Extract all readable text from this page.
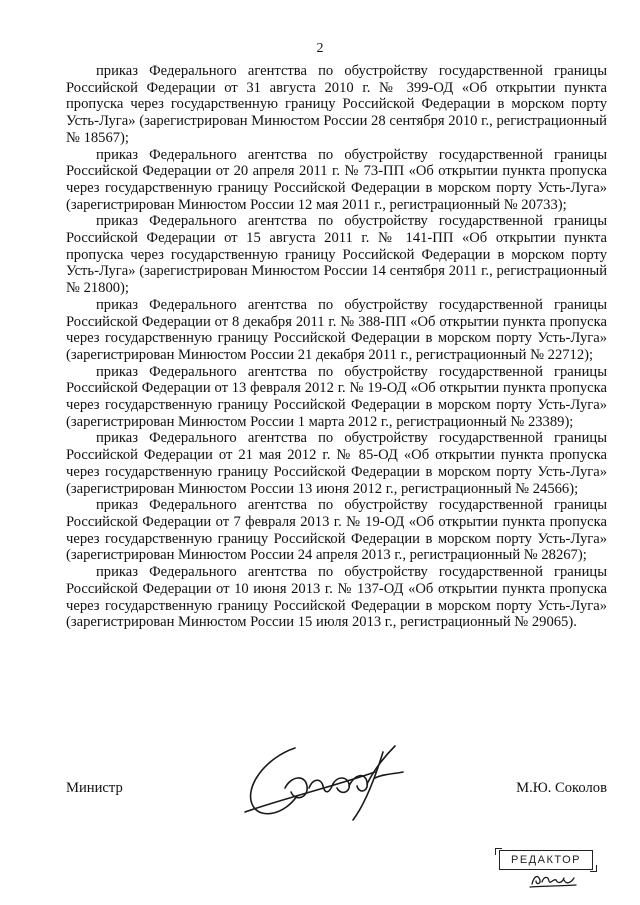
2

приказ Федерального агентства по обустройству государственной границы Российской Федерации от 31 августа 2010 г. № 399-ОД «Об открытии пункта пропуска через государственную границу Российской Федерации в морском порту Усть-Луга» (зарегистрирован Минюстом России 28 сентября 2010 г., регистрационный № 18567);

приказ Федерального агентства по обустройству государственной границы Российской Федерации от 20 апреля 2011 г. № 73-ПП «Об открытии пункта пропуска через государственную границу Российской Федерации в морском порту Усть-Луга» (зарегистрирован Минюстом России 12 мая 2011 г., регистрационный № 20733);

приказ Федерального агентства по обустройству государственной границы Российской Федерации от 15 августа 2011 г. № 141-ПП «Об открытии пункта пропуска через государственную границу Российской Федерации в морском порту Усть-Луга» (зарегистрирован Минюстом России 14 сентября 2011 г., регистрационный № 21800);

приказ Федерального агентства по обустройству государственной границы Российской Федерации от 8 декабря 2011 г. № 388-ПП «Об открытии пункта пропуска через государственную границу Российской Федерации в морском порту Усть-Луга» (зарегистрирован Минюстом России 21 декабря 2011 г., регистрационный № 22712);

приказ Федерального агентства по обустройству государственной границы Российской Федерации от 13 февраля 2012 г. № 19-ОД «Об открытии пункта пропуска через государственную границу Российской Федерации в морском порту Усть-Луга» (зарегистрирован Минюстом России 1 марта 2012 г., регистрационный № 23389);

приказ Федерального агентства по обустройству государственной границы Российской Федерации от 21 мая 2012 г. № 85-ОД «Об открытии пункта пропуска через государственную границу Российской Федерации в морском порту Усть-Луга» (зарегистрирован Минюстом России 13 июня 2012 г., регистрационный № 24566);

приказ Федерального агентства по обустройству государственной границы Российской Федерации от 7 февраля 2013 г. № 19-ОД «Об открытии пункта пропуска через государственную границу Российской Федерации в морском порту Усть-Луга» (зарегистрирован Минюстом России 24 апреля 2013 г., регистрационный № 28267);

приказ Федерального агентства по обустройству государственной границы Российской Федерации от 10 июня 2013 г. № 137-ОД «Об открытии пункта пропуска через государственную границу Российской Федерации в морском порту Усть-Луга» (зарегистрирован Минюстом России 15 июля 2013 г., регистрационный № 29065).

Министр	М.Ю. Соколов
РЕДАКТОР
